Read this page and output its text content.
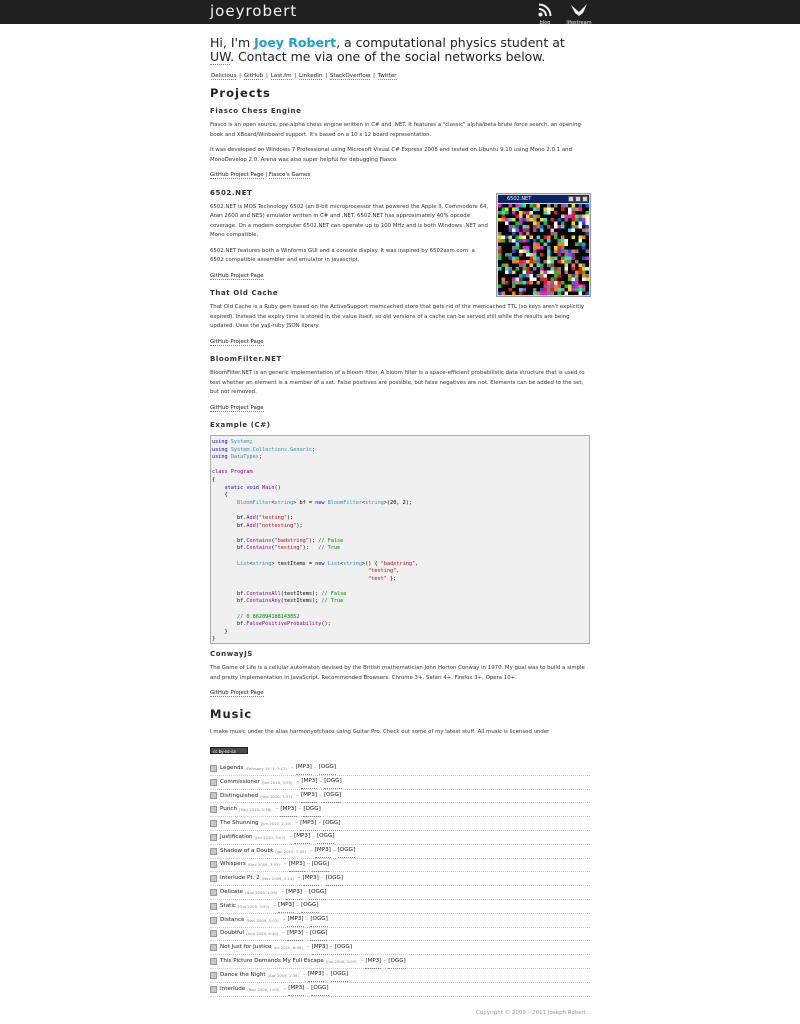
joeyrobert
blog	lifestream
Hi, I'm Joey Robert, a computational physics student at UW. Contact me via one of the social networks below.
Delicious | GitHub | Last.fm | LinkedIn | StackOverflow | Twitter
Projects
Fiasco Chess Engine

Fiasco is an open source, pre-alpha chess engine written in C# and .NET. It features a "classic" alpha/beta brute force search, an opening book and XBoard/Winboard support. It's based on a 10 x 12 board representation.

It was developed on Windows 7 Professional using Microsoft Visual C# Express 2008 and tested on Ubuntu 9.10 using Mono 2.0.1 and MonoDevelop 2.0. Arena was also super helpful for debugging Fiasco.

GitHub Project Page | Fiasco's Games

6502.NET

6502.NET is MOS Technology 6502 (an 8-bit microprocessor that powered the Apple II, Commodore 64, Atari 2600 and NES) emulator written in C# and .NET. 6502.NET has approximately 40% opcode coverage. On a modern computer 6502.NET can operate up to 100 MHz and is both Windows .NET and Mono compatible.

6502.NET features both a Winforms GUI and a console display. It was inspired by 6502asm.com: a 6502 compatible assembler and emulator in javascript.

GitHub Project Page

6502.NET
That Old Cache

That Old Cache is a Ruby gem based on the ActiveSupport memcached store that gets rid of the memcached TTL (so keys aren't explicitly expired). Instead the expiry time is stored in the value itself, so old versions of a cache can be served still while the results are being updated. Uses the yajl-ruby JSON library.

GitHub Project Page

BloomFilter.NET

BloomFilter.NET is an generic implementation of a bloom filter. A bloom filter is a space-efficient probabilistic data structure that is used to test whether an element is a member of a set. False positives are possible, but false negatives are not. Elements can be added to the set, but not removed.

GitHub Project Page

Example (C#)
using System;
using System.Collections.Generic;
using DataTypes;

class Program
{
static void Main()
{
BloomFilter<string> bf = new BloomFilter<string>(20, 2);

bf.Add("testing");
bf.Add("nottesting");

bf.Contains("badstring"); // False
bf.Contains("testing");   // True

List<string> testItems = new List<string>() { "badstring",
"testing",
"test" };

bf.ContainsAll(testItems); // False
bf.ContainsAny(testItems); // True

// 0.862894188143852
bf.FalsePositiveProbability();
}
}
ConwayJS

The Game of Life is a cellular automaton devised by the British mathematician John Horton Conway in 1970. My goal was to build a simple and pretty implementation in JavaScript. Recommended Browsers: Chrome 3+, Safari 4+, Firefox 3+, Opera 10+.

GitHub Project Page

Music

I make music under the alias harmonyofchaos using Guitar Pro. Check out some of my latest stuff. All music is licensed under

cc by-nc-sa
Legends (February 14 '1, 7:12) – [MP3] – [OGG]
Commissioner (Jan 2010, 3:55) – [MP3] – [OGG]
Distinguished (Sep 2010, 3:37) – [MP3] – [OGG]
Punch (May 2010, 2:38) – [MP3] – [OGG]
The Shunning (Jun 2010, 2:19) – [MP3] – [OGG]
Justification (Jan 2010, 3:03) – [MP3] – [OGG]
Shadow of a Doubt (Jan 2010, 7:05) – [MP3] – [OGG]
Whispers (Dec 2009, 3:53) – [MP3] – [OGG]
Interlude Pt. 2 (Nov 2009, 2:14) – [MP3] – [OGG]
Delicate (Nov 2009, 1:28) – [MP3] – [OGG]
Static (Oct 2009, 3:32) – [MP3] – [OGG]
Distance (Nov 2009, 5:03) – [MP3] – [OGG]
Doubtful (Aug 2009, 6:40) – [MP3] – [OGG]
Not Just for Justice (Jul 2010, 6:46) – [MP3] – [OGG]
This Picture Demands My Full Escape (Jun 2008, 3:03) – [MP3] – [OGG]
Dance the Night (Apr 2009, 1:38) – [MP3] – [OGG]
Interlude (Nov 2008, 1:03) – [MP3] – [OGG]
Copyright © 2009 – 2011 Joseph Robert.
